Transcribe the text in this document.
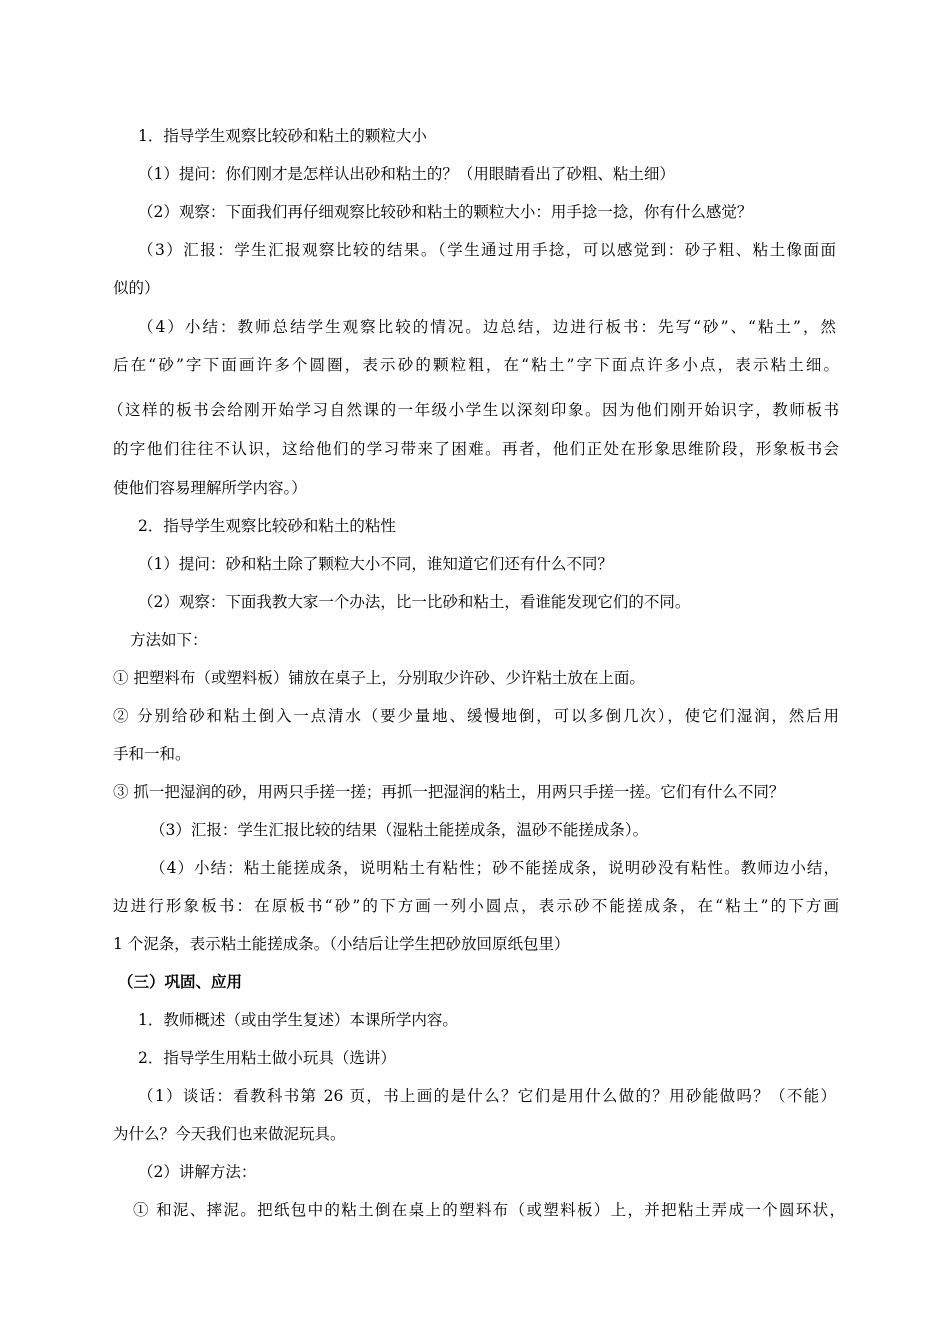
1．指导学生观察比较砂和粘土的颗粒大小
（1）提问：你们刚才是怎样认出砂和粘土的？（用眼睛看出了砂粗、粘土细）
（2）观察：下面我们再仔细观察比较砂和粘土的颗粒大小：用手捻一捻，你有什么感觉？
（3）汇报：学生汇报观察比较的结果。（学生通过用手捻，可以感觉到：砂子粗、粘土像面面
似的）
（4）小结：教师总结学生观察比较的情况。边总结，边进行板书：先写“砂”、“粘土”，然
后在“砂”字下面画许多个圆圈，表示砂的颗粒粗，在“粘土”字下面点许多小点，表示粘土细。
（这样的板书会给刚开始学习自然课的一年级小学生以深刻印象。因为他们刚开始识字，教师板书
的字他们往往不认识，这给他们的学习带来了困难。再者，他们正处在形象思维阶段，形象板书会
使他们容易理解所学内容。）
2．指导学生观察比较砂和粘土的粘性
（1）提问：砂和粘土除了颗粒大小不同，谁知道它们还有什么不同？
（2）观察：下面我教大家一个办法，比一比砂和粘土，看谁能发现它们的不同。
方法如下：
① 把塑料布（或塑料板）铺放在桌子上，分别取少许砂、少许粘土放在上面。
② 分别给砂和粘土倒入一点清水（要少量地、缓慢地倒，可以多倒几次），使它们湿润，然后用
手和一和。
③ 抓一把湿润的砂，用两只手搓一搓；再抓一把湿润的粘土，用两只手搓一搓。它们有什么不同？
（3）汇报：学生汇报比较的结果（湿粘土能搓成条，温砂不能搓成条）。
（4）小结：粘土能搓成条，说明粘土有粘性；砂不能搓成条，说明砂没有粘性。教师边小结，
边进行形象板书：在原板书“砂”的下方画一列小圆点，表示砂不能搓成条，在“粘土”的下方画
1 个泥条，表示粘土能搓成条。（小结后让学生把砂放回原纸包里）
（三）巩固、应用
1．教师概述（或由学生复述）本课所学内容。
2．指导学生用粘土做小玩具（选讲）
（1）谈话：看教科书第 26 页，书上画的是什么？它们是用什么做的？用砂能做吗？（不能）
为什么？今天我们也来做泥玩具。
（2）讲解方法：
① 和泥、摔泥。把纸包中的粘土倒在桌上的塑料布（或塑料板）上，并把粘土弄成一个圆环状，
